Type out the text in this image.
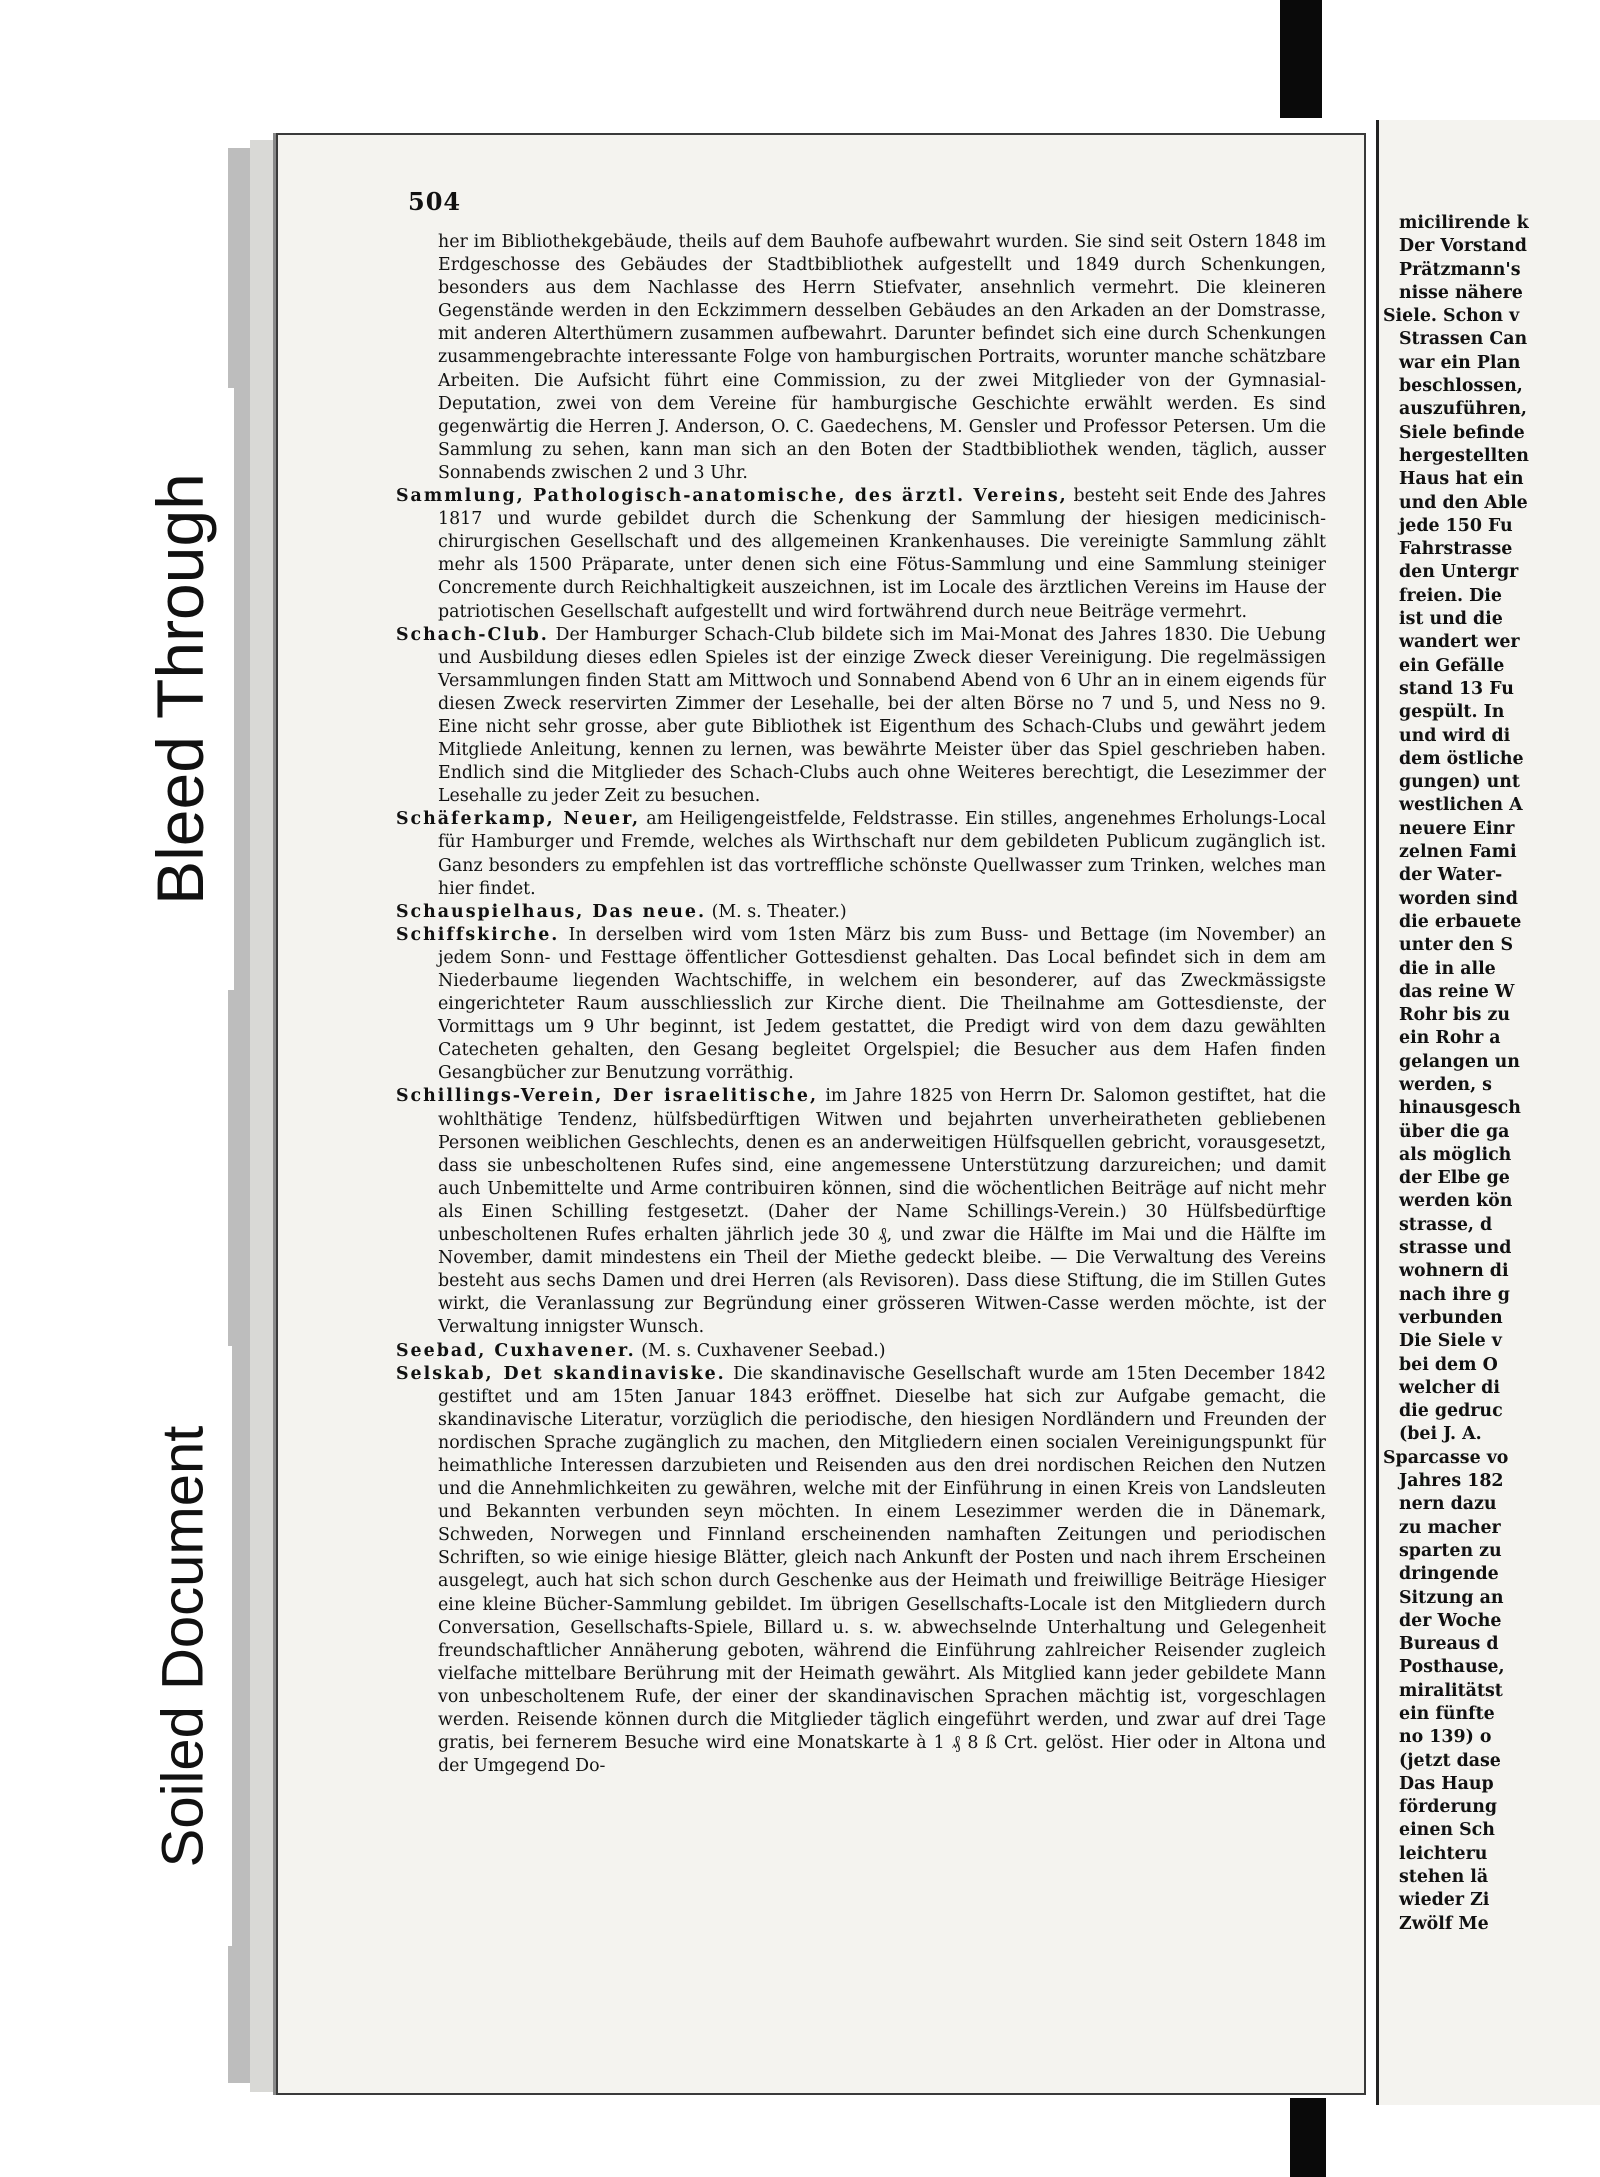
504

her im Bibliothekgebäude, theils auf dem Bauhofe aufbewahrt wurden. Sie sind seit Ostern 1848 im Erdgeschosse des Gebäudes der Stadtbibliothek aufgestellt und 1849 durch Schenkungen, besonders aus dem Nachlasse des Herrn Stiefvater, ansehnlich vermehrt. Die kleineren Gegenstände werden in den Eckzimmern desselben Gebäudes an den Arkaden an der Domstrasse, mit anderen Alterthümern zusammen aufbewahrt. Darunter befindet sich eine durch Schenkungen zusammengebrachte interessante Folge von hamburgischen Portraits, worunter manche schätzbare Arbeiten. Die Aufsicht führt eine Commission, zu der zwei Mitglieder von der Gymnasial-Deputation, zwei von dem Vereine für hamburgische Geschichte erwählt werden. Es sind gegenwärtig die Herren J. Anderson, O. C. Gaedechens, M. Gensler und Professor Petersen. Um die Sammlung zu sehen, kann man sich an den Boten der Stadtbibliothek wenden, täglich, ausser Sonnabends zwischen 2 und 3 Uhr.

Sammlung, Pathologisch-anatomische, des ärztl. Vereins, besteht seit Ende des Jahres 1817 und wurde gebildet durch die Schenkung der Sammlung der hiesigen medicinisch-chirurgischen Gesellschaft und des allgemeinen Krankenhauses. Die vereinigte Sammlung zählt mehr als 1500 Präparate, unter denen sich eine Fötus-Sammlung und eine Sammlung steiniger Concremente durch Reichhaltigkeit auszeichnen, ist im Locale des ärztlichen Vereins im Hause der patriotischen Gesellschaft aufgestellt und wird fortwährend durch neue Beiträge vermehrt.

Schach-Club. Der Hamburger Schach-Club bildete sich im Mai-Monat des Jahres 1830. Die Uebung und Ausbildung dieses edlen Spieles ist der einzige Zweck dieser Vereinigung. Die regelmässigen Versammlungen finden Statt am Mittwoch und Sonnabend Abend von 6 Uhr an in einem eigends für diesen Zweck reservirten Zimmer der Lesehalle, bei der alten Börse no 7 und 5, und Ness no 9. Eine nicht sehr grosse, aber gute Bibliothek ist Eigenthum des Schach-Clubs und gewährt jedem Mitgliede Anleitung, kennen zu lernen, was bewährte Meister über das Spiel geschrieben haben. Endlich sind die Mitglieder des Schach-Clubs auch ohne Weiteres berechtigt, die Lesezimmer der Lesehalle zu jeder Zeit zu besuchen.

Schäferkamp, Neuer, am Heiligengeistfelde, Feldstrasse. Ein stilles, angenehmes Erholungs-Local für Hamburger und Fremde, welches als Wirthschaft nur dem gebildeten Publicum zugänglich ist. Ganz besonders zu empfehlen ist das vortreffliche schönste Quellwasser zum Trinken, welches man hier findet.

Schauspielhaus, Das neue. (M. s. Theater.)

Schiffskirche. In derselben wird vom 1sten März bis zum Buss- und Bettage (im November) an jedem Sonn- und Festtage öffentlicher Gottesdienst gehalten. Das Local befindet sich in dem am Niederbaume liegenden Wachtschiffe, in welchem ein besonderer, auf das Zweckmässigste eingerichteter Raum ausschliesslich zur Kirche dient. Die Theilnahme am Gottesdienste, der Vormittags um 9 Uhr beginnt, ist Jedem gestattet, die Predigt wird von dem dazu gewählten Catecheten gehalten, den Gesang begleitet Orgelspiel; die Besucher aus dem Hafen finden Gesangbücher zur Benutzung vorräthig.

Schillings-Verein, Der israelitische, im Jahre 1825 von Herrn Dr. Salomon gestiftet, hat die wohlthätige Tendenz, hülfsbedürftigen Witwen und bejahrten unverheiratheten gebliebenen Personen weiblichen Geschlechts, denen es an anderweitigen Hülfsquellen gebricht, vorausgesetzt, dass sie unbescholtenen Rufes sind, eine angemessene Unterstützung darzureichen; und damit auch Unbemittelte und Arme contribuiren können, sind die wöchentlichen Beiträge auf nicht mehr als Einen Schilling festgesetzt. (Daher der Name Schillings-Verein.) 30 Hülfsbedürftige unbescholtenen Rufes erhalten jährlich jede 30 ₰, und zwar die Hälfte im Mai und die Hälfte im November, damit mindestens ein Theil der Miethe gedeckt bleibe. — Die Verwaltung des Vereins besteht aus sechs Damen und drei Herren (als Revisoren). Dass diese Stiftung, die im Stillen Gutes wirkt, die Veranlassung zur Begründung einer grösseren Witwen-Casse werden möchte, ist der Verwaltung innigster Wunsch.

Seebad, Cuxhavener. (M. s. Cuxhavener Seebad.)

Selskab, Det skandinaviske. Die skandinavische Gesellschaft wurde am 15ten December 1842 gestiftet und am 15ten Januar 1843 eröffnet. Dieselbe hat sich zur Aufgabe gemacht, die skandinavische Literatur, vorzüglich die periodische, den hiesigen Nordländern und Freunden der nordischen Sprache zugänglich zu machen, den Mitgliedern einen socialen Vereinigungspunkt für heimathliche Interessen darzubieten und Reisenden aus den drei nordischen Reichen den Nutzen und die Annehmlichkeiten zu gewähren, welche mit der Einführung in einen Kreis von Landsleuten und Bekannten verbunden seyn möchten. In einem Lesezimmer werden die in Dänemark, Schweden, Norwegen und Finnland erscheinenden namhaften Zeitungen und periodischen Schriften, so wie einige hiesige Blätter, gleich nach Ankunft der Posten und nach ihrem Erscheinen ausgelegt, auch hat sich schon durch Geschenke aus der Heimath und freiwillige Beiträge Hiesiger eine kleine Bücher-Sammlung gebildet. Im übrigen Gesellschafts-Locale ist den Mitgliedern durch Conversation, Gesellschafts-Spiele, Billard u. s. w. abwechselnde Unterhaltung und Gelegenheit freundschaftlicher Annäherung geboten, während die Einführung zahlreicher Reisender zugleich vielfache mittelbare Berührung mit der Heimath gewährt. Als Mitglied kann jeder gebildete Mann von unbescholtenem Rufe, der einer der skandinavischen Sprachen mächtig ist, vorgeschlagen werden. Reisende können durch die Mitglieder täglich eingeführt werden, und zwar auf drei Tage gratis, bei fernerem Besuche wird eine Monatskarte à 1 ₰ 8 ß Crt. gelöst. Hier oder in Altona und der Umgegend Do-

micilirende k
Der Vorstand
Prätzmann's
nisse nähere
Siele. Schon v
Strassen Can
war ein Plan
beschlossen,
auszuführen,
Siele befinde
hergestellten
Haus hat ein
und den Able
jede 150 Fu
Fahrstrasse
den Untergr
freien. Die
ist und die
wandert wer
ein Gefälle
stand 13 Fu
gespült. In
und wird di
dem östliche
gungen) unt
westlichen A
neuere Einr
zelnen Fami
der Water-
worden sind
die erbauete
unter den S
die in alle
das reine W
Rohr bis zu
ein Rohr a
gelangen un
werden, s
hinausgesch
über die ga
als möglich
der Elbe ge
werden kön
strasse, d
strasse und
wohnern di
nach ihre g
verbunden
Die Siele v
bei dem O
welcher di
die gedruc
(bei J. A.
Sparcasse vo
Jahres 182
nern dazu
zu macher
sparten zu
dringende
Sitzung an
der Woche
Bureaus d
Posthause,
miralitätst
ein fünfte
no 139) o
(jetzt dase
Das Haup
förderung
einen Sch
leichteru
stehen lä
wieder Zi
Zwölf Me
Bleed Through
Soiled Document
